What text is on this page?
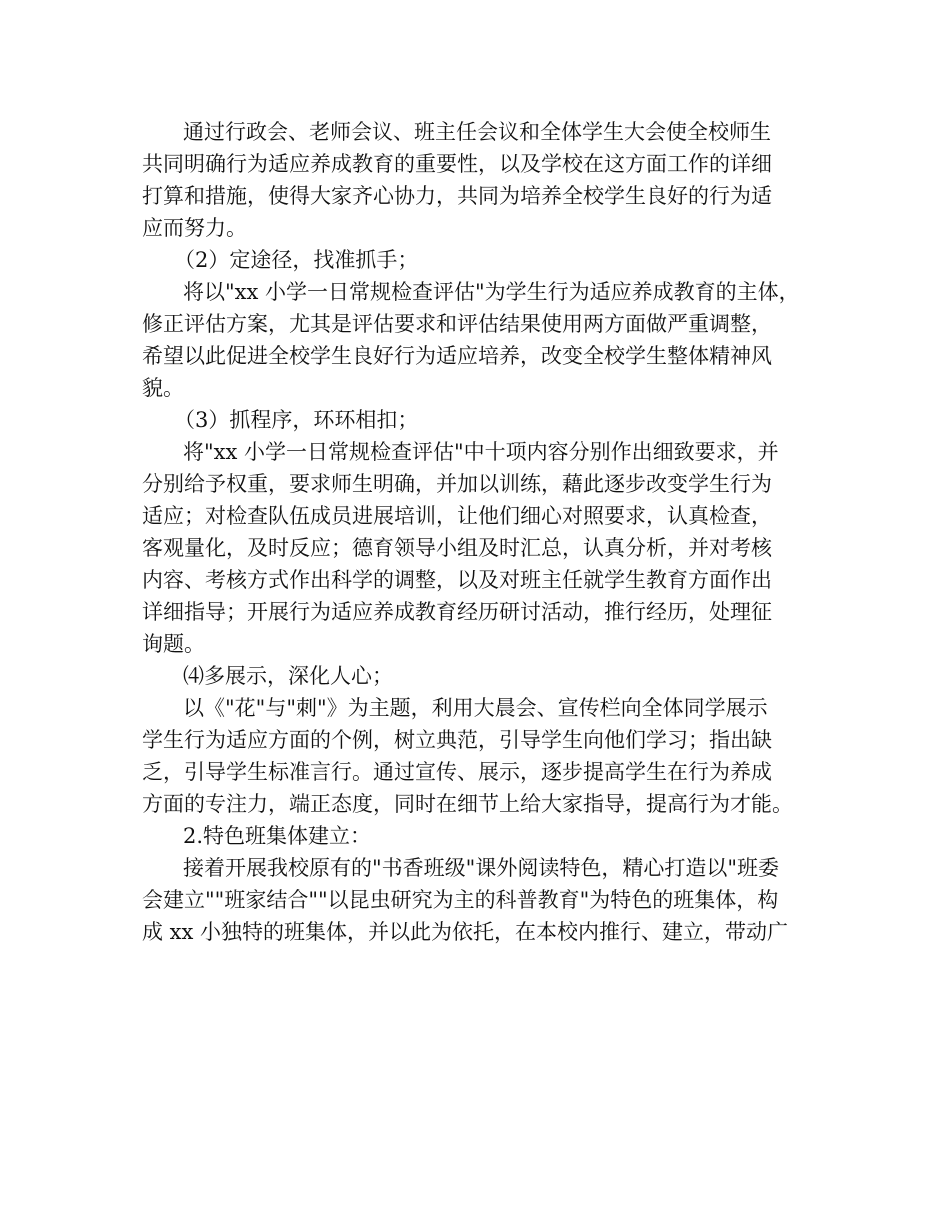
通过行政会、老师会议、班主任会议和全体学生大会使全校师生

共同明确行为适应养成教育的重要性，以及学校在这方面工作的详细

打算和措施，使得大家齐心协力，共同为培养全校学生良好的行为适

应而努力。

（2）定途径，找准抓手；

将以"xx 小学一日常规检查评估"为学生行为适应养成教育的主体，

修正评估方案，尤其是评估要求和评估结果使用两方面做严重调整，

希望以此促进全校学生良好行为适应培养，改变全校学生整体精神风

貌。

（3）抓程序，环环相扣；

将"xx 小学一日常规检查评估"中十项内容分别作出细致要求，并

分别给予权重，要求师生明确，并加以训练，藉此逐步改变学生行为

适应；对检查队伍成员进展培训，让他们细心对照要求，认真检查，

客观量化，及时反应；德育领导小组及时汇总，认真分析，并对考核

内容、考核方式作出科学的调整，以及对班主任就学生教育方面作出

详细指导；开展行为适应养成教育经历研讨活动，推行经历，处理征

询题。

⑷多展示，深化人心；

以《"花"与"刺"》为主题，利用大晨会、宣传栏向全体同学展示

学生行为适应方面的个例，树立典范，引导学生向他们学习；指出缺

乏，引导学生标准言行。通过宣传、展示，逐步提高学生在行为养成

方面的专注力，端正态度，同时在细节上给大家指导，提高行为才能。

2.特色班集体建立：

接着开展我校原有的"书香班级"课外阅读特色，精心打造以"班委

会建立""班家结合""以昆虫研究为主的科普教育"为特色的班集体，构

成 xx 小独特的班集体，并以此为依托，在本校内推行、建立，带动广
